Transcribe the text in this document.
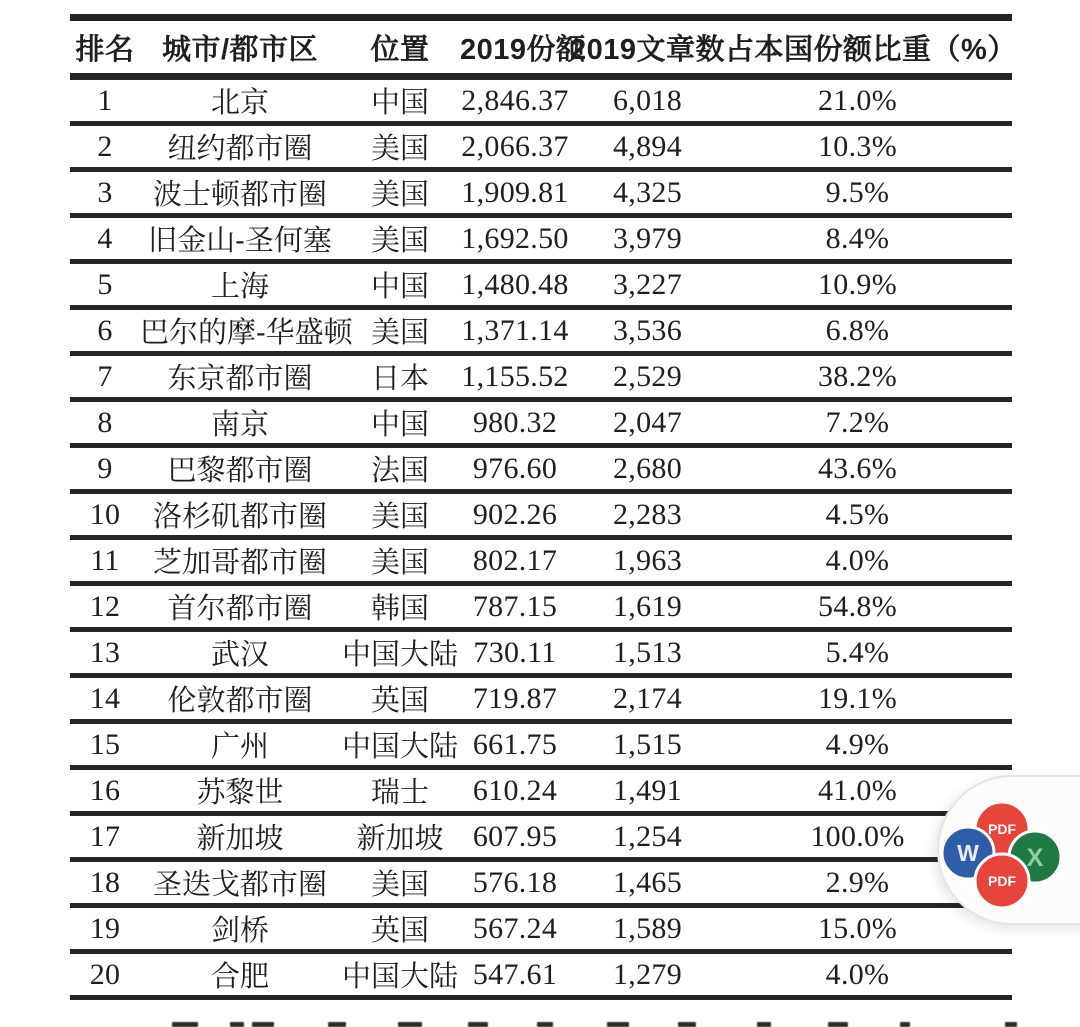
排名	城市/都市区	位置	2019份额	2019文章数	占本国份额比重（%）
1	北京	中国	2,846.37	6,018	21.0%
2	纽约都市圈	美国	2,066.37	4,894	10.3%
3	波士顿都市圈	美国	1,909.81	4,325	9.5%
4	旧金山-圣何塞	美国	1,692.50	3,979	8.4%
5	上海	中国	1,480.48	3,227	10.9%
6	巴尔的摩-华盛顿	美国	1,371.14	3,536	6.8%
7	东京都市圈	日本	1,155.52	2,529	38.2%
8	南京	中国	980.32	2,047	7.2%
9	巴黎都市圈	法国	976.60	2,680	43.6%
10	洛杉矶都市圈	美国	902.26	2,283	4.5%
11	芝加哥都市圈	美国	802.17	1,963	4.0%
12	首尔都市圈	韩国	787.15	1,619	54.8%
13	武汉	中国大陆	730.11	1,513	5.4%
14	伦敦都市圈	英国	719.87	2,174	19.1%
15	广州	中国大陆	661.75	1,515	4.9%
16	苏黎世	瑞士	610.24	1,491	41.0%
17	新加坡	新加坡	607.95	1,254	100.0%
18	圣迭戈都市圈	美国	576.18	1,465	2.9%
19	剑桥	英国	567.24	1,589	15.0%
20	合肥	中国大陆	547.61	1,279	4.0%
PDF
W X
PDF
